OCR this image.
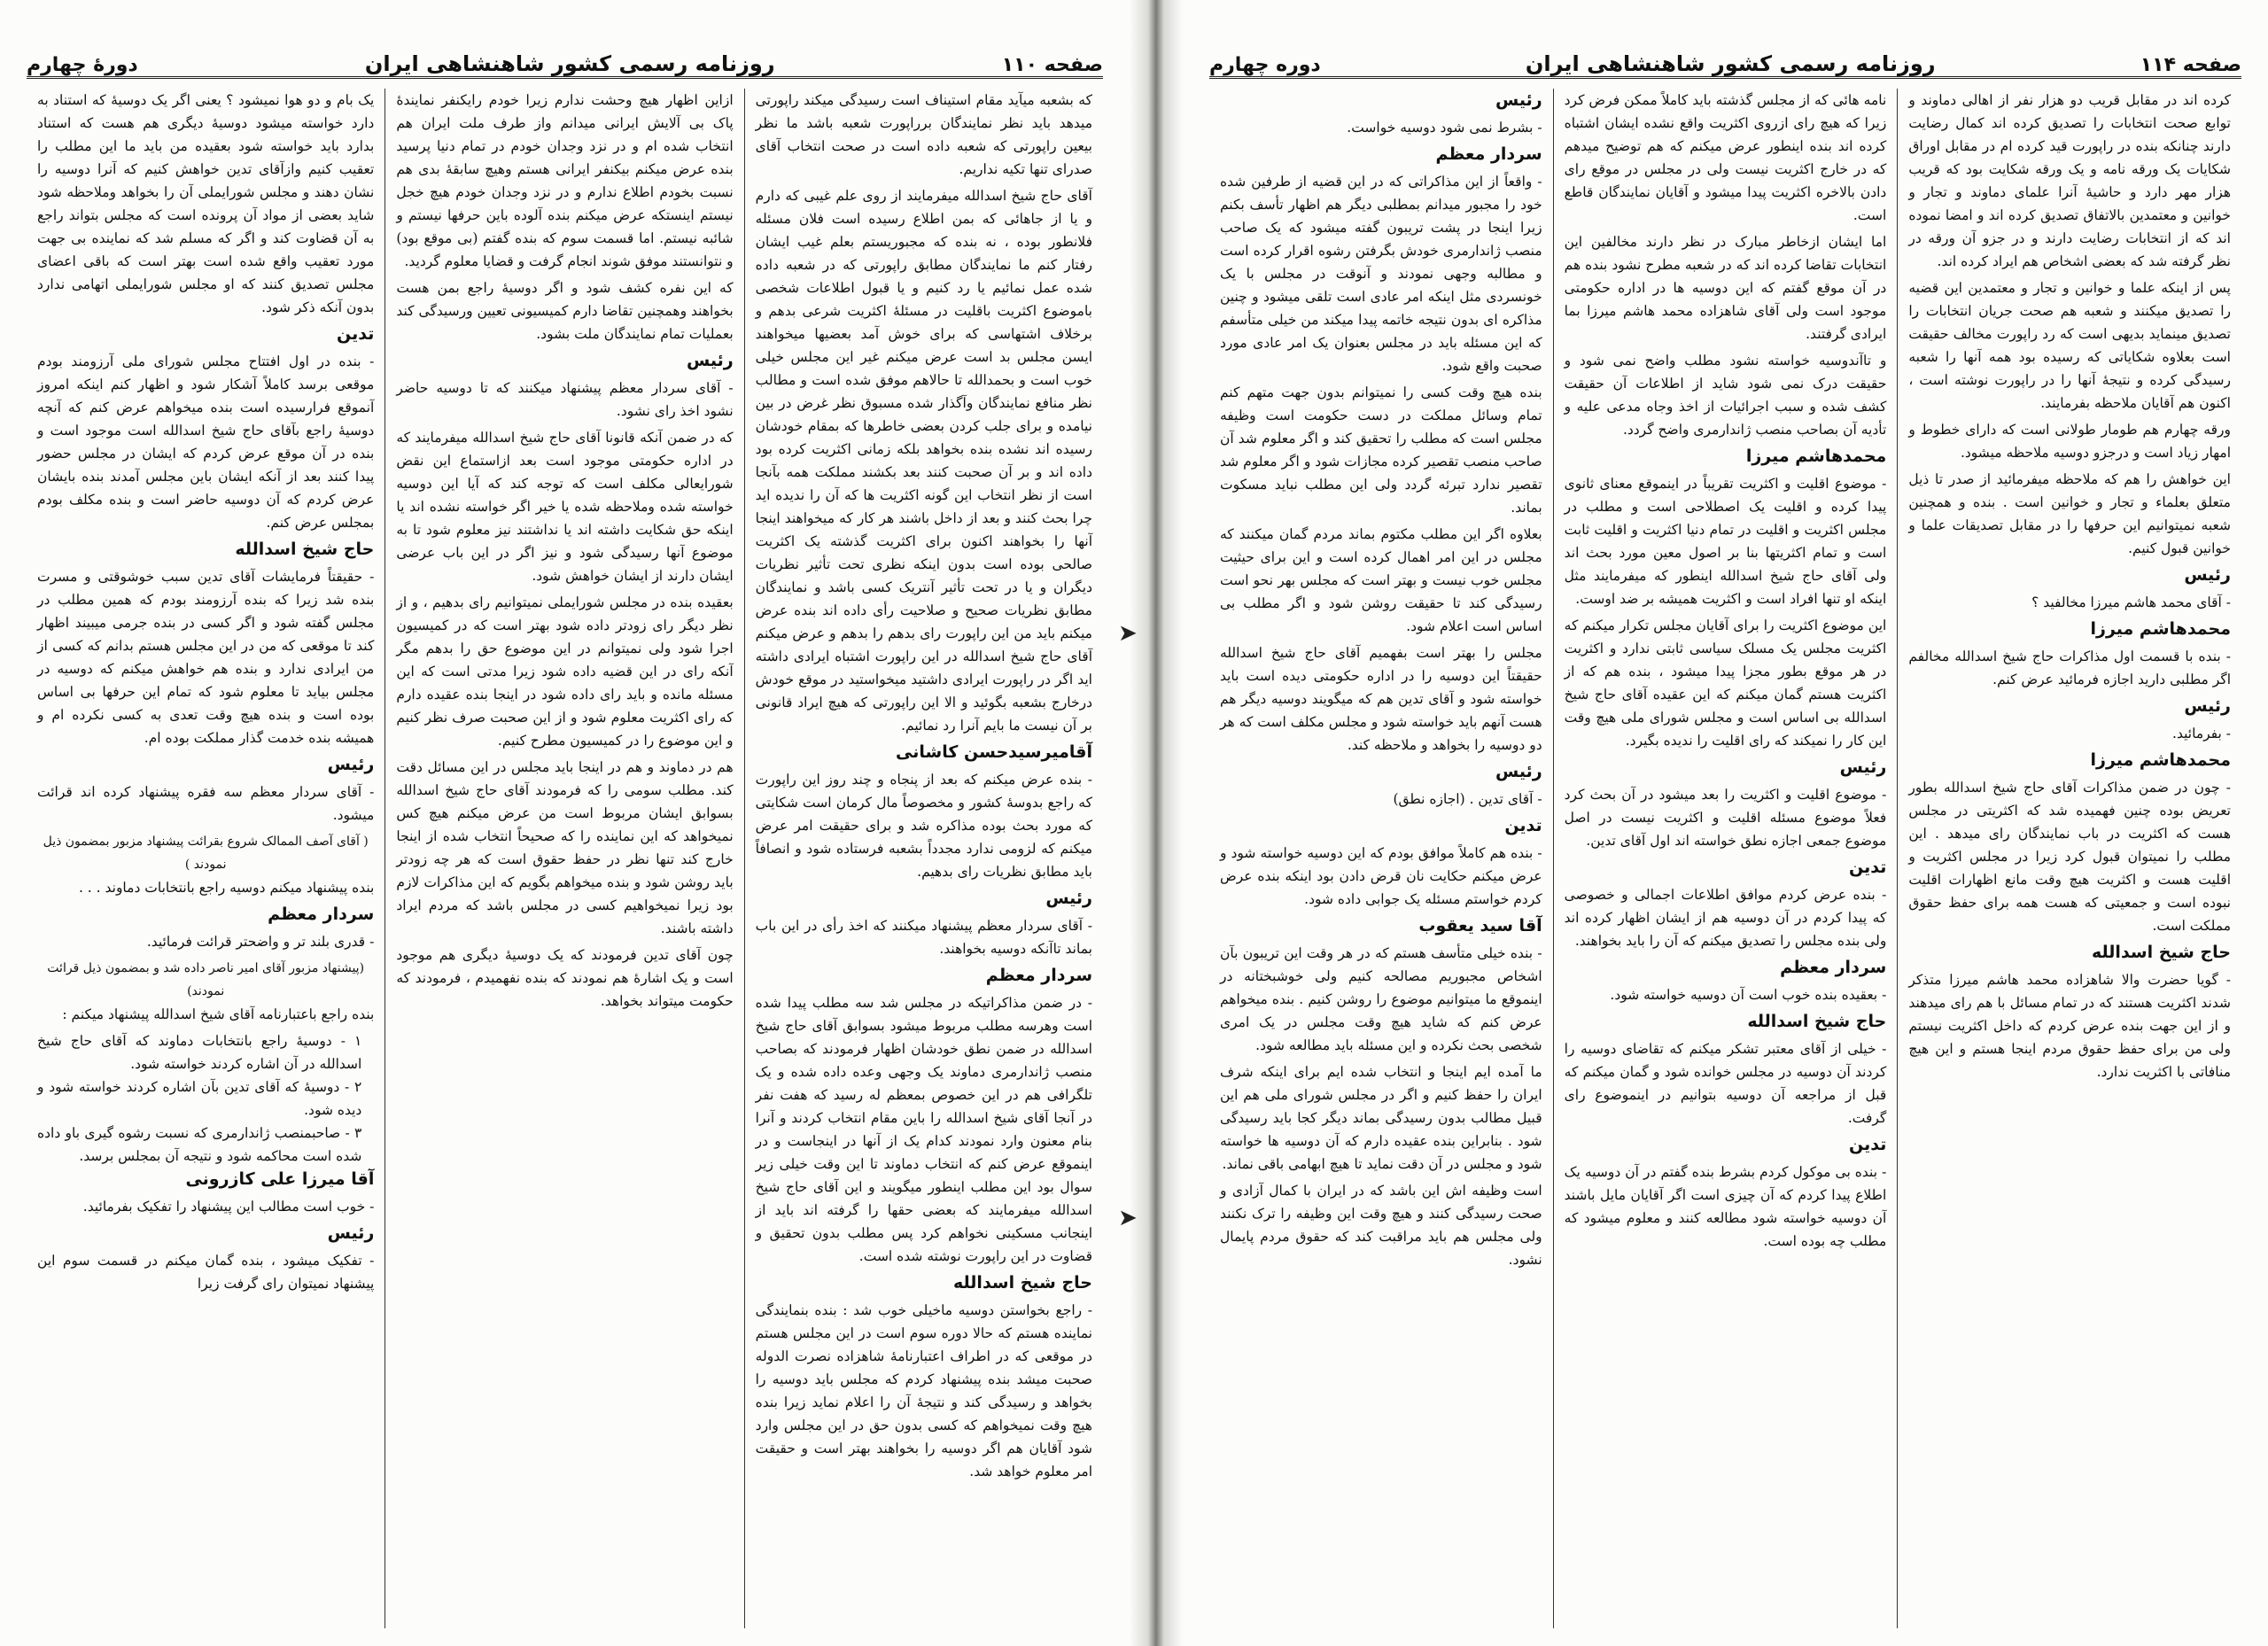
صفحه ۱۱۰
روزنامه رسمی کشور شاهنشاهی ایران
دورهٔ چهارم

که بشعبه میآید مقام استیناف است رسیدگی میکند راپورتی میدهد باید نظر نمایندگان برراپورت شعبه باشد ما نظر بیعین راپورتی که شعبه داده است در صحت انتخاب آقای صدرای تنها تکیه نداریم.

آقای حاج شیخ اسدالله میفرمایند از روی علم غیبی که دارم و یا از جاهائی که بمن اطلاع رسیده است فلان مسئله فلانطور بوده ، نه بنده که مجبوریستم بعلم غیب ایشان رفتار کنم ما نمایندگان مطابق راپورتی که در شعبه داده شده عمل نمائیم یا رد کنیم و یا قبول اطلاعات شخصی باموضوع اکثریت باقلیت در مسئلهٔ اکثریت شرعی بدهم و برخلاف اشتهاسی که برای خوش آمد بعضیها میخواهند ایسن مجلس بد است عرض میکنم غیر این مجلس خیلی خوب است و بحمدالله تا حالاهم موفق شده است و مطالب نظر منافع نمایندگان وآگذار شده مسبوق نظر غرض در بین نیامده و برای جلب کردن بعضی خاطرها که بمقام خودشان رسیده اند نشده بنده بخواهد بلکه زمانی اکثریت کرده بود داده اند و بر آن صحبت کنند بعد بکشند مملکت همه بآنجا است از نظر انتخاب این گونه اکثریت ها که آن را ندیده اید چرا بحث کنند و بعد از داخل باشند هر کار که میخواهند اینجا آنها را بخواهند اکنون برای اکثریت گذشته یک اکثریت صالحی بوده است بدون اینکه نظری تحت تأثیر نظریات دیگران و یا در تحت تأثیر آنتریک کسی باشد و نمایندگان مطابق نظریات صحیح و صلاحیت رأی داده اند بنده عرض میکنم باید من این راپورت رای بدهم را بدهم و عرض میکنم آقای حاج شیخ اسدالله در این راپورت اشتباه ایرادی داشته اید اگر در راپورت ایرادی داشتید میخواستید در موقع خودش درخارج بشعبه بگوئید و الا این راپورتی که هیچ ایراد قانونی بر آن نیست ما بایم آنرا رد نمائیم.

آقامیرسیدحسن کاشانی

- بنده عرض میکنم که بعد از پنجاه و چند روز این راپورت که راجع بدوسهٔ کشور و مخصوصاً مال کرمان است شکایتی که مورد بحث بوده مذاکره شد و برای حقیقت امر عرض میکنم که لزومی ندارد مجدداً بشعبه فرستاده شود و انصافاً باید مطابق نظریات رای بدهیم.

رئیس

- آقای سردار معظم پیشنهاد میکنند که اخذ رأی در این باب بماند تاآنکه دوسیه بخواهند.

سردار معظم

- در ضمن مذاکراتیکه در مجلس شد سه مطلب پیدا شده است وهرسه مطلب مربوط میشود بسوابق آقای حاج شیخ اسدالله در ضمن نطق خودشان اظهار فرمودند که بصاحب منصب ژاندارمری دماوند یک وجهی وعده داده شده و یک تلگرافی هم در این خصوص بمعظم له رسید که هفت نفر در آنجا آقای شیخ اسدالله را باین مقام انتخاب کردند و آنرا بنام معنون وارد نمودند کدام یک از آنها در اینجاست و در اینموقع عرض کنم که انتخاب دماوند تا این وقت خیلی زیر سوال بود این مطلب اینطور میگویند و این آقای حاج شیخ اسدالله میفرمایند که بعضی حقها را گرفته اند باید از اینجانب مسکینی نخواهم کرد پس مطلب بدون تحقیق و قضاوت در این راپورت نوشته شده است.

حاج شیخ اسدالله

- راجع بخواستن دوسیه ماخیلی خوب شد : بنده بنمایندگی نماینده هستم که حالا دوره سوم است در این مجلس هستم در موقعی که در اطراف اعتبارنامهٔ شاهزاده نصرت الدوله صحبت میشد بنده پیشنهاد کردم که مجلس باید دوسیه را بخواهد و رسیدگی کند و نتیجهٔ آن را اعلام نماید زیرا بنده هیچ وقت نمیخواهم که کسی بدون حق در این مجلس وارد شود آقایان هم اگر دوسیه را بخواهند بهتر است و حقیقت امر معلوم خواهد شد.

ازاین اظهار هیچ وحشت ندارم زیرا خودم رایکنفر نمایندهٔ پاک بی آلایش ایرانی میدانم واز طرف ملت ایران هم انتخاب شده ام و در نزد وجدان خودم در تمام دنیا پرسید بنده عرض میکنم بیکنفر ایرانی هستم وهیچ سابقهٔ بدی هم نسبت بخودم اطلاع ندارم و در نزد وجدان خودم هیچ خجل نیستم اینستکه عرض میکنم بنده آلوده باین حرفها نیستم و شائبه نیستم. اما قسمت سوم که بنده گفتم (بی موقع بود) و نتوانستند موفق شوند انجام گرفت و قضایا معلوم گردید.

که این نفره کشف شود و اگر دوسیهٔ راجع بمن هست بخواهند وهمچنین تقاضا دارم کمیسیونی تعیین ورسیدگی کند بعملیات تمام نمایندگان ملت بشود.

رئیس

- آقای سردار معظم پیشنهاد میکنند که تا دوسیه حاضر نشود اخذ رای نشود.

که در ضمن آنکه قانونا آقای حاج شیخ اسدالله میفرمایند که در اداره حکومتی موجود است بعد ازاستماع این نقض شورایعالی مکلف است که توجه کند که آیا این دوسیه خواسته شده وملاحظه شده یا خیر اگر خواسته نشده اند یا اینکه حق شکایت داشته اند یا نداشتند نیز معلوم شود تا به موضوع آنها رسیدگی شود و نیز اگر در این باب عرضی ایشان دارند از ایشان خواهش شود.

بعقیده بنده در مجلس شورایملی نمیتوانیم رای بدهیم ، و از نظر دیگر رای زودتر داده شود بهتر است که در کمیسیون اجرا شود ولی نمیتوانم در این موضوع حق را بدهم مگر آنکه رای در این قضیه داده شود زیرا مدتی است که این مسئله مانده و باید رای داده شود در اینجا بنده عقیده دارم که رای اکثریت معلوم شود و از این صحبت صرف نظر کنیم و این موضوع را در کمیسیون مطرح کنیم.

هم در دماوند و هم در اینجا باید مجلس در این مسائل دقت کند. مطلب سومی را که فرمودند آقای حاج شیخ اسدالله بسوابق ایشان مربوط است من عرض میکنم هیچ کس نمیخواهد که این نماینده را که صحیحاً انتخاب شده از اینجا خارج کند تنها نظر در حفظ حقوق است که هر چه زودتر باید روشن شود و بنده میخواهم بگویم که این مذاکرات لازم بود زیرا نمیخواهیم کسی در مجلس باشد که مردم ایراد داشته باشند.

چون آقای تدین فرمودند که یک دوسیهٔ دیگری هم موجود است و یک اشارهٔ هم نمودند که بنده نفهمیدم ، فرمودند که حکومت میتواند بخواهد.

یک بام و دو هوا نمیشود ؟ یعنی اگر یک دوسیهٔ که استناد به دارد خواسته میشود دوسیهٔ دیگری هم هست که استناد بدارد باید خواسته شود بعقیده من باید ما این مطلب را تعقیب کنیم وازآقای تدین خواهش کنیم که آنرا دوسیه را نشان دهند و مجلس شورایملی آن را بخواهد وملاحظه شود شاید بعضی از مواد آن پرونده است که مجلس بتواند راجع به آن قضاوت کند و اگر که مسلم شد که نماینده بی جهت مورد تعقیب واقع شده است بهتر است که باقی اعضای مجلس تصدیق کنند که او مجلس شورایملی اتهامی ندارد بدون آنکه ذکر شود.

تدین

- بنده در اول افتتاح مجلس شورای ملی آرزومند بودم موقعی برسد کاملاً آشکار شود و اظهار کنم اینکه امروز آنموقع فرارسیده است بنده میخواهم عرض کنم که آنچه دوسیهٔ راجع بآقای حاج شیخ اسدالله است موجود است و بنده در آن موقع عرض کردم که ایشان در مجلس حضور پیدا کنند بعد از آنکه ایشان باین مجلس آمدند بنده بایشان عرض کردم که آن دوسیه حاضر است و بنده مکلف بودم بمجلس عرض کنم.

حاج شیخ اسدالله

- حقیقتاً فرمایشات آقای تدین سبب خوشوقتی و مسرت بنده شد زیرا که بنده آرزومند بودم که همین مطلب در مجلس گفته شود و اگر کسی در بنده جرمی میبیند اظهار کند تا موقعی که من در این مجلس هستم بدانم که کسی از من ایرادی ندارد و بنده هم خواهش میکنم که دوسیه در مجلس بیاید تا معلوم شود که تمام این حرفها بی اساس بوده است و بنده هیچ وقت تعدی به کسی نکرده ام و همیشه بنده خدمت گذار مملکت بوده ام.

رئیس

- آقای سردار معظم سه فقره پیشنهاد کرده اند قرائت میشود.

( آقای آصف الممالک شروع بقرائت پیشنهاد مزبور بمضمون ذیل نمودند )

بنده پیشنهاد میکنم دوسیه راجع بانتخابات دماوند . . .

سردار معظم

- قدری بلند تر و واضحتر قرائت فرمائید.

(پیشنهاد مزبور آقای امیر ناصر داده شد و بمضمون ذیل قرائت نمودند)

بنده راجع باعتبارنامه آقای شیخ اسدالله پیشنهاد میکنم :

۱ - دوسیهٔ راجع بانتخابات دماوند که آقای حاج شیخ اسدالله در آن اشاره کردند خواسته شود.
۲ - دوسیهٔ که آقای تدین بآن اشاره کردند خواسته شود و دیده شود.
۳ - صاحبمنصب ژاندارمری که نسبت رشوه گیری باو داده شده است محاکمه شود و نتیجه آن بمجلس برسد.

آقا میرزا علی کازرونی

- خوب است مطالب این پیشنهاد را تفکیک بفرمائید.

رئیس

- تفکیک میشود ، بنده گمان میکنم در قسمت سوم این پیشنهاد نمیتوان رای گرفت زیرا

➤
➤
صفحه ۱۱۴
روزنامه رسمی کشور شاهنشاهی ایران
دوره چهارم

کرده اند در مقابل قریب دو هزار نفر از اهالی دماوند و توابع صحت انتخابات را تصدیق کرده اند کمال رضایت دارند چنانکه بنده در راپورت قید کرده ام در مقابل اوراق شکایات یک ورقه نامه و یک ورقه شکایت بود که قریب هزار مهر دارد و حاشیهٔ آنرا علمای دماوند و تجار و خوانین و معتمدین بالاتفاق تصدیق کرده اند و امضا نموده اند که از انتخابات رضایت دارند و در جزو آن ورقه در نظر گرفته شد که بعضی اشخاص هم ایراد کرده اند.

پس از اینکه علما و خوانین و تجار و معتمدین این قضیه را تصدیق میکنند و شعبه هم صحت جریان انتخابات را تصدیق مینماید بدیهی است که رد راپورت مخالف حقیقت است بعلاوه شکایاتی که رسیده بود همه آنها را شعبه رسیدگی کرده و نتیجهٔ آنها را در راپورت نوشته است ، اکنون هم آقایان ملاحظه بفرمایند.

ورقه چهارم هم طومار طولانی است که دارای خطوط و امهار زیاد است و درجزو دوسیه ملاحظه میشود.

این خواهش را هم که ملاحظه میفرمائید از صدر تا ذیل متعلق بعلماء و تجار و خوانین است . بنده و همچنین شعبه نمیتوانیم این حرفها را در مقابل تصدیقات علما و خوانین قبول کنیم.

رئیس

- آقای محمد هاشم میرزا مخالفید ؟

محمدهاشم میرزا

- بنده با قسمت اول مذاکرات حاج شیخ اسدالله مخالفم اگر مطلبی دارید اجازه فرمائید عرض کنم.

رئیس

- بفرمائید.

محمدهاشم میرزا

- چون در ضمن مذاکرات آقای حاج شیخ اسدالله بطور تعریض بوده چنین فهمیده شد که اکثریتی در مجلس هست که اکثریت در باب نمایندگان رای میدهد . این مطلب را نمیتوان قبول کرد زیرا در مجلس اکثریت و اقلیت هست و اکثریت هیچ وقت مانع اظهارات اقلیت نبوده است و جمعیتی که هست همه برای حفظ حقوق مملکت است.

حاج شیخ اسدالله

- گویا حضرت والا شاهزاده محمد هاشم میرزا متذکر شدند اکثریت هستند که در تمام مسائل با هم رای میدهند و از این جهت بنده عرض کردم که داخل اکثریت نیستم ولی من برای حفظ حقوق مردم اینجا هستم و این هیچ منافاتی با اکثریت ندارد.

نامه هائی که از مجلس گذشته باید کاملاً ممکن فرض کرد زیرا که هیچ رای ازروی اکثریت واقع نشده ایشان اشتباه کرده اند بنده اینطور عرض میکنم که هم توضیح میدهم که در خارج اکثریت نیست ولی در مجلس در موقع رای دادن بالاخره اکثریت پیدا میشود و آقایان نمایندگان قاطع است.

اما ایشان ازخاطر مبارک در نظر دارند مخالفین این انتخابات تقاضا کرده اند که در شعبه مطرح نشود بنده هم در آن موقع گفتم که این دوسیه ها در اداره حکومتی موجود است ولی آقای شاهزاده محمد هاشم میرزا بما ایرادی گرفتند.

و تاآندوسیه خواسته نشود مطلب واضح نمی شود و حقیقت درک نمی شود شاید از اطلاعات آن حقیقت کشف شده و سبب اجرائیات از اخذ وجاه مدعی علیه و تأدیه آن بصاحب منصب ژاندارمری واضح گردد.

محمدهاشم میرزا

- موضوع اقلیت و اکثریت تقریباً در اینموقع معنای ثانوی پیدا کرده و اقلیت یک اصطلاحی است و مطلب در مجلس اکثریت و اقلیت در تمام دنیا اکثریت و اقلیت ثابت است و تمام اکثریتها بنا بر اصول معین مورد بحث اند ولی آقای حاج شیخ اسدالله اینطور که میفرمایند مثل اینکه او تنها افراد است و اکثریت همیشه بر ضد اوست.

این موضوع اکثریت را برای آقایان مجلس تکرار میکنم که اکثریت مجلس یک مسلک سیاسی ثابتی ندارد و اکثریت در هر موقع بطور مجزا پیدا میشود ، بنده هم که از اکثریت هستم گمان میکنم که این عقیده آقای حاج شیخ اسدالله بی اساس است و مجلس شورای ملی هیچ وقت این کار را نمیکند که رای اقلیت را ندیده بگیرد.

رئیس

- موضوع اقلیت و اکثریت را بعد میشود در آن بحث کرد فعلاً موضوع مسئله اقلیت و اکثریت نیست در اصل موضوع جمعی اجازه نطق خواسته اند اول آقای تدین.

تدین

- بنده عرض کردم موافق اطلاعات اجمالی و خصوصی که پیدا کردم در آن دوسیه هم از ایشان اظهار کرده اند ولی بنده مجلس را تصدیق میکنم که آن را باید بخواهند.

سردار معظم

- بعقیده بنده خوب است آن دوسیه خواسته شود.

حاج شیخ اسدالله

- خیلی از آقای معتبر تشکر میکنم که تقاضای دوسیه را کردند آن دوسیه در مجلس خوانده شود و گمان میکنم که قبل از مراجعه آن دوسیه بتوانیم در اینموضوع رای گرفت.

تدین

- بنده بی موکول کردم بشرط بنده گفتم در آن دوسیه یک اطلاع پیدا کردم که آن چیزی است اگر آقایان مایل باشند آن دوسیه خواسته شود مطالعه کنند و معلوم میشود که مطلب چه بوده است.

رئیس

- بشرط نمی شود دوسیه خواست.

سردار معظم

- واقعاً از این مذاکراتی که در این قضیه از طرفین شده خود را مجبور میدانم بمطلبی دیگر هم اظهار تأسف بکنم زیرا اینجا در پشت تریبون گفته میشود که یک صاحب منصب ژاندارمری خودش بگرفتن رشوه اقرار کرده است و مطالبه وجهی نمودند و آنوقت در مجلس با یک خونسردی مثل اینکه امر عادی است تلقی میشود و چنین مذاکره ای بدون نتیجه خاتمه پیدا میکند من خیلی متأسفم که این مسئله باید در مجلس بعنوان یک امر عادی مورد صحبت واقع شود.

بنده هیچ وقت کسی را نمیتوانم بدون جهت متهم کنم تمام وسائل مملکت در دست حکومت است وظیفه مجلس است که مطلب را تحقیق کند و اگر معلوم شد آن صاحب منصب تقصیر کرده مجازات شود و اگر معلوم شد تقصیر ندارد تبرئه گردد ولی این مطلب نباید مسکوت بماند.

بعلاوه اگر این مطلب مکتوم بماند مردم گمان میکنند که مجلس در این امر اهمال کرده است و این برای حیثیت مجلس خوب نیست و بهتر است که مجلس بهر نحو است رسیدگی کند تا حقیقت روشن شود و اگر مطلب بی اساس است اعلام شود.

مجلس را بهتر است بفهمیم آقای حاج شیخ اسدالله حقیقتاً این دوسیه را در اداره حکومتی دیده است باید خواسته شود و آقای تدین هم که میگویند دوسیه دیگر هم هست آنهم باید خواسته شود و مجلس مکلف است که هر دو دوسیه را بخواهد و ملاحظه کند.

رئیس

- آقای تدین . (اجازه نطق)

تدین

- بنده هم کاملاً موافق بودم که این دوسیه خواسته شود و عرض میکنم حکایت نان قرض دادن بود اینکه بنده عرض کردم خواستم مسئله یک جوابی داده شود.

آقا سید یعقوب

- بنده خیلی متأسف هستم که در هر وقت این تریبون بآن اشخاص مجبوریم مصالحه کنیم ولی خوشبختانه در اینموقع ما میتوانیم موضوع را روشن کنیم . بنده میخواهم عرض کنم که شاید هیچ وقت مجلس در یک امری شخصی بحث نکرده و این مسئله باید مطالعه شود.

ما آمده ایم اینجا و انتخاب شده ایم برای اینکه شرف ایران را حفظ کنیم و اگر در مجلس شورای ملی هم این قبیل مطالب بدون رسیدگی بماند دیگر کجا باید رسیدگی شود . بنابراین بنده عقیده دارم که آن دوسیه ها خواسته شود و مجلس در آن دقت نماید تا هیچ ابهامی باقی نماند.

است وظیفه اش این باشد که در ایران با کمال آزادی و صحت رسیدگی کنند و هیچ وقت این وظیفه را ترک نکنند ولی مجلس هم باید مراقبت کند که حقوق مردم پایمال نشود.
